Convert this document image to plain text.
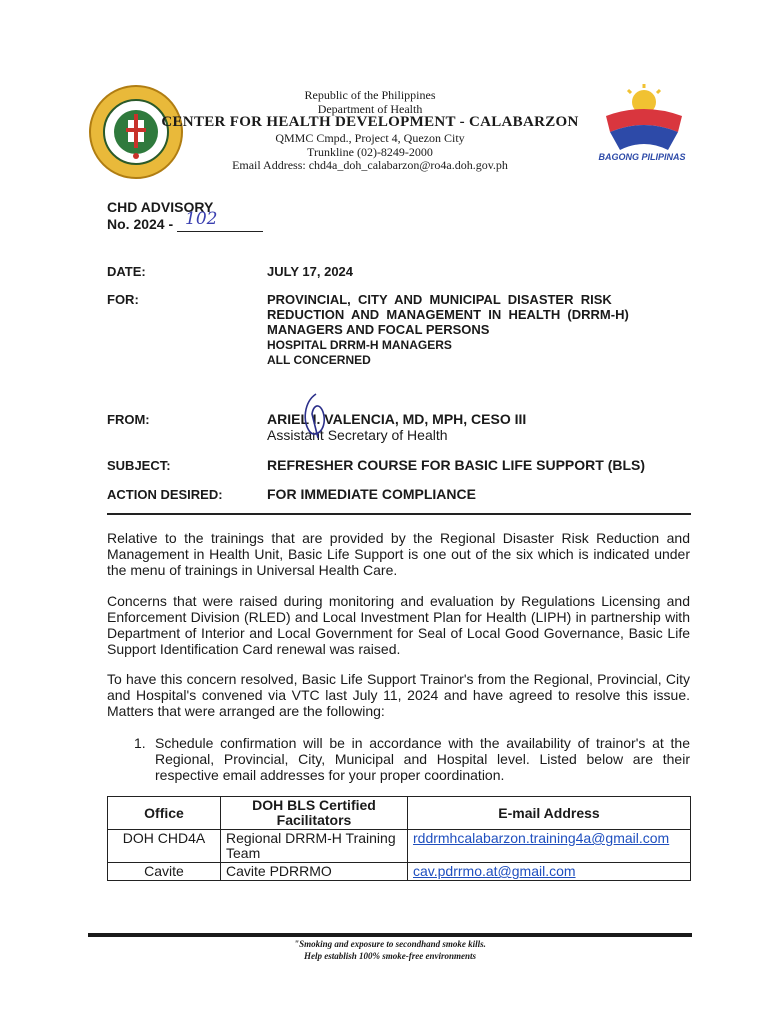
Republic of the Philippines
Department of Health
CENTER FOR HEALTH DEVELOPMENT - CALABARZON
QMMC Cmpd., Project 4, Quezon City
Trunkline (02)-8249-2000
Email Address: chd4a_doh_calabarzon@ro4a.doh.gov.ph
BAGONG PILIPINAS
CHD ADVISORY
No. 2024 - 102
DATE:	JULY 17, 2024
FOR:	PROVINCIAL,  CITY  AND  MUNICIPAL  DISASTER  RISK
REDUCTION  AND  MANAGEMENT  IN  HEALTH  (DRRM-H)
MANAGERS AND FOCAL PERSONS
HOSPITAL DRRM-H MANAGERS
ALL CONCERNED
FROM:	ARIEL I. VALENCIA, MD, MPH, CESO III
Assistant Secretary of Health
SUBJECT:	REFRESHER COURSE FOR BASIC LIFE SUPPORT (BLS)
ACTION DESIRED:	FOR IMMEDIATE COMPLIANCE
Relative to the trainings that are provided by the Regional Disaster Risk Reduction and Management in Health Unit, Basic Life Support is one out of the six which is indicated under the menu of trainings in Universal Health Care.
Concerns that were raised during monitoring and evaluation by Regulations Licensing and Enforcement Division (RLED) and Local Investment Plan for Health (LIPH) in partnership with Department of Interior and Local Government for Seal of Local Good Governance, Basic Life Support Identification Card renewal was raised.
To have this concern resolved, Basic Life Support Trainor's from the Regional, Provincial, City and Hospital's convened via VTC last July 11, 2024 and have agreed to resolve this issue. Matters that were arranged are the following:
1. Schedule confirmation will be in accordance with the availability of trainor's at the Regional, Provincial, City, Municipal and Hospital level. Listed below are their respective email addresses for your proper coordination.
Office	DOH BLS Certified Facilitators	E-mail Address
DOH CHD4A	Regional DRRM-H Training Team	rddrmhcalabarzon.training4a@gmail.com
Cavite	Cavite PDRRMO	cav.pdrrmo.at@gmail.com
"Smoking and exposure to secondhand smoke kills.
Help establish 100% smoke-free environments
